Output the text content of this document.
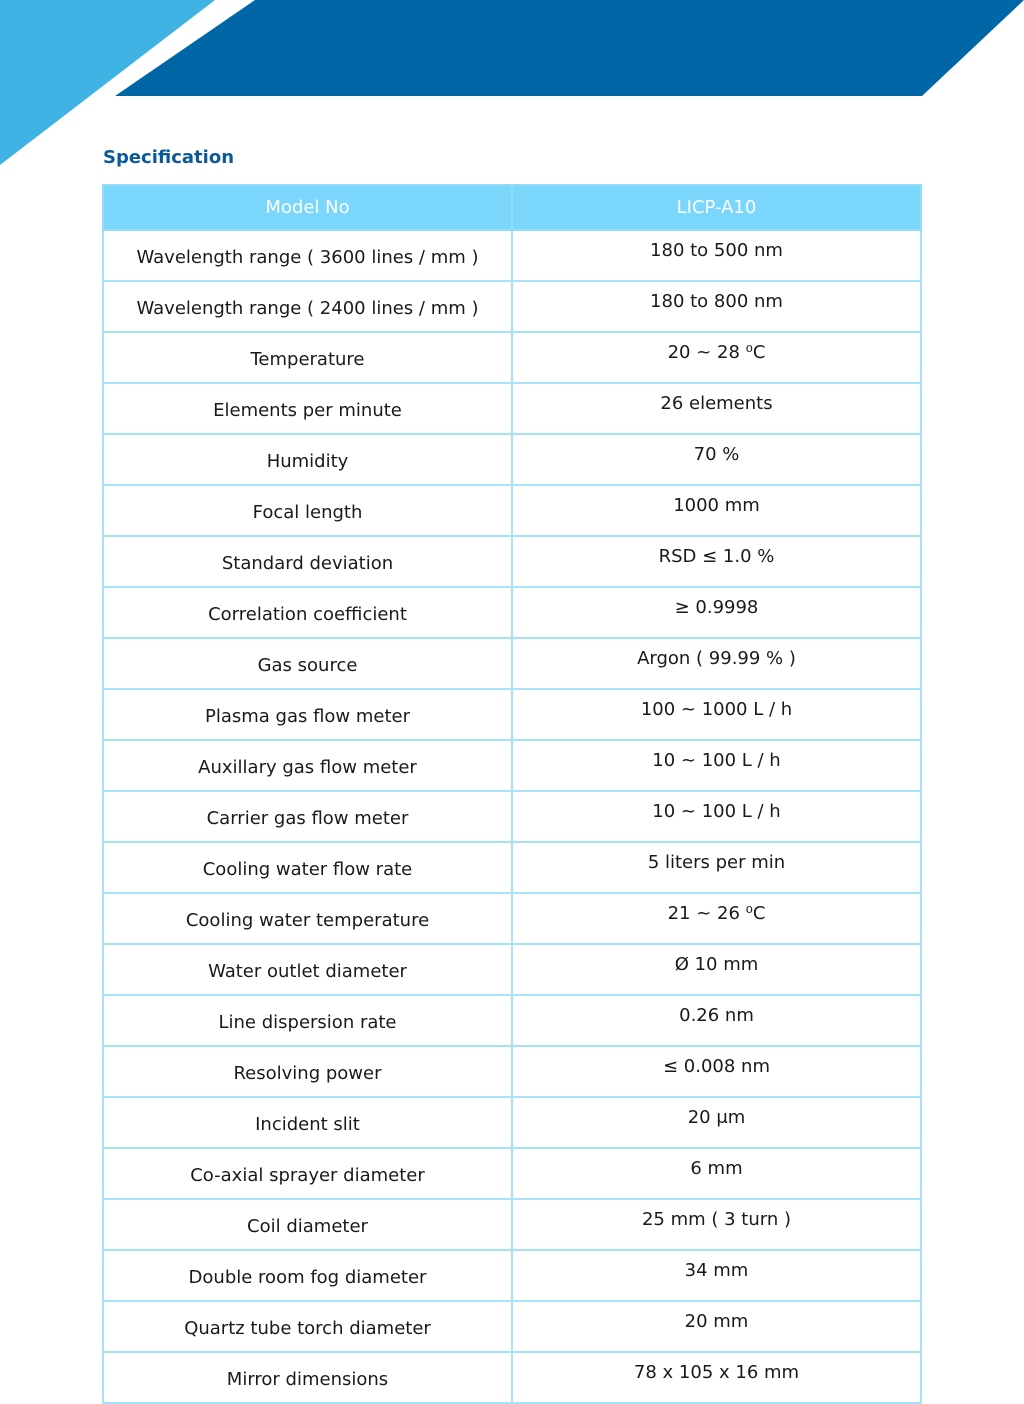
Specification
Model No	LICP-A10
Wavelength range ( 3600 lines / mm )	180 to 500 nm
Wavelength range ( 2400 lines / mm )	180 to 800 nm
Temperature	20 ~ 28 ⁰C
Elements per minute	26 elements
Humidity	70 %
Focal length	1000 mm
Standard deviation	RSD ≤ 1.0 %
Correlation coefficient	≥ 0.9998
Gas source	Argon ( 99.99 % )
Plasma gas flow meter	100 ~ 1000 L / h
Auxillary gas flow meter	10 ~ 100 L / h
Carrier gas flow meter	10 ~ 100 L / h
Cooling water flow rate	5 liters per min
Cooling water temperature	21 ~ 26 ⁰C
Water outlet diameter	Ø 10 mm
Line dispersion rate	0.26 nm
Resolving power	≤ 0.008 nm
Incident slit	20 μm
Co-axial sprayer diameter	6 mm
Coil diameter	25 mm ( 3 turn )
Double room fog diameter	34 mm
Quartz tube torch diameter	20 mm
Mirror dimensions	78 x 105 x 16 mm
